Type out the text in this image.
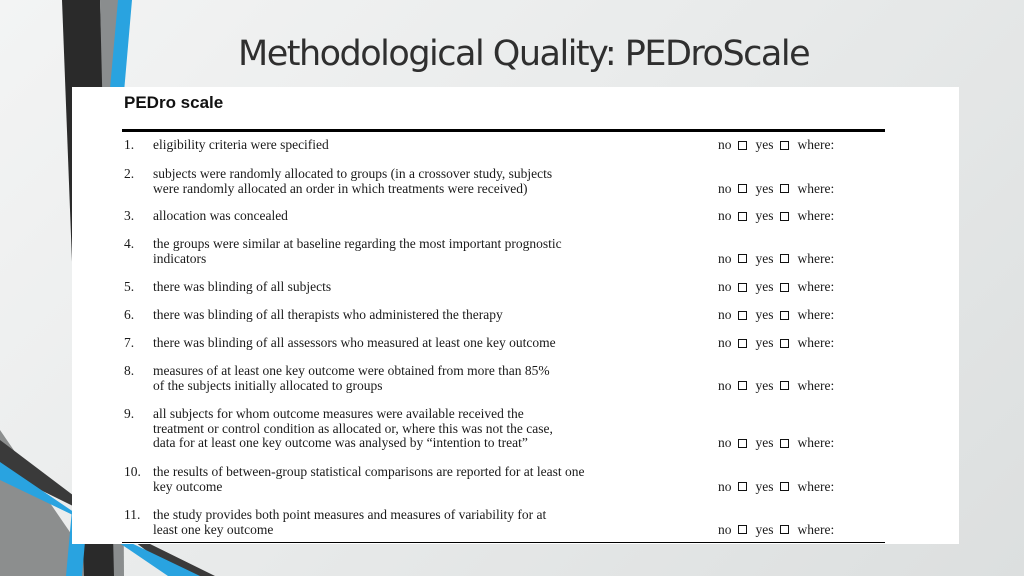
Methodological Quality: PEDroScale
PEDro scale
1. eligibility criteria were specified	no yes where:
2. subjects were randomly allocated to groups (in a crossover study, subjects
were randomly allocated an order in which treatments were received)	no yes where:
3. allocation was concealed	no yes where:
4. the groups were similar at baseline regarding the most important prognostic
indicators	no yes where:
5. there was blinding of all subjects	no yes where:
6. there was blinding of all therapists who administered the therapy	no yes where:
7. there was blinding of all assessors who measured at least one key outcome	no yes where:
8. measures of at least one key outcome were obtained from more than 85%
of the subjects initially allocated to groups	no yes where:
9. all subjects for whom outcome measures were available received the
treatment or control condition as allocated or, where this was not the case,
data for at least one key outcome was analysed by “intention to treat”	no yes where:
10. the results of between-group statistical comparisons are reported for at least one
key outcome	no yes where:
11. the study provides both point measures and measures of variability for at
least one key outcome	no yes where:
